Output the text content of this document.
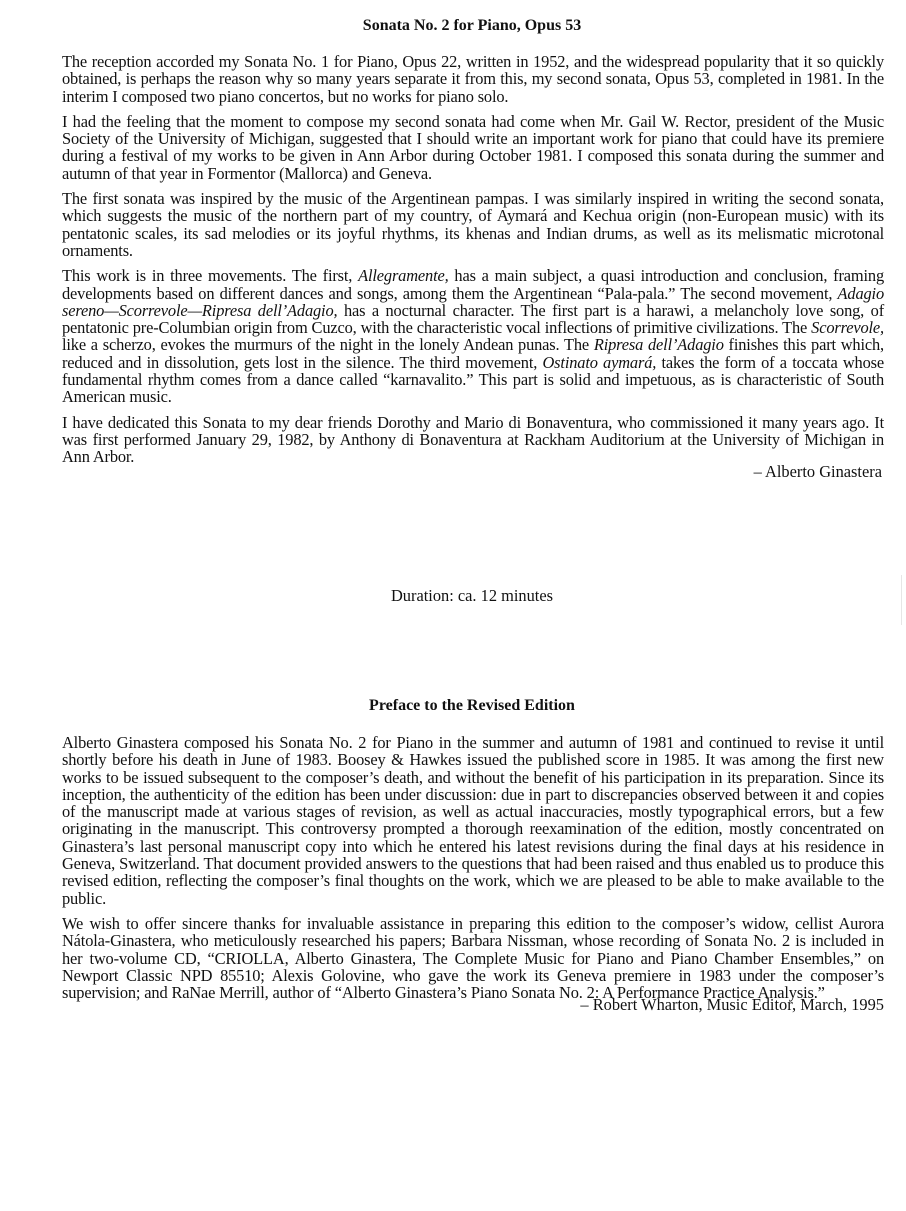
Sonata No. 2 for Piano, Opus 53

The reception accorded my Sonata No. 1 for Piano, Opus 22, written in 1952, and the widespread popularity that it so quickly obtained, is perhaps the reason why so many years separate it from this, my second sonata, Opus 53, completed in 1981. In the interim I composed two piano concertos, but no works for piano solo.

I had the feeling that the moment to compose my second sonata had come when Mr. Gail W. Rector, president of the Music Society of the University of Michigan, suggested that I should write an important work for piano that could have its premiere during a festival of my works to be given in Ann Arbor during October 1981. I composed this sonata during the summer and autumn of that year in Formentor (Mallorca) and Geneva.

The first sonata was inspired by the music of the Argentinean pampas. I was similarly inspired in writing the second sonata, which suggests the music of the northern part of my country, of Aymará and Kechua origin (non-European music) with its pentatonic scales, its sad melodies or its joyful rhythms, its khenas and Indian drums, as well as its melismatic microtonal ornaments.

This work is in three movements. The first, Allegramente, has a main subject, a quasi introduction and conclusion, framing developments based on different dances and songs, among them the Argentinean “Pala-pala.” The second movement, Adagio sereno—Scorrevole—Ripresa dell’Adagio, has a nocturnal character. The first part is a harawi, a melancholy love song, of pentatonic pre-Columbian origin from Cuzco, with the characteristic vocal inflections of primitive civilizations. The Scorrevole, like a scherzo, evokes the murmurs of the night in the lonely Andean punas. The Ripresa dell’Adagio finishes this part which, reduced and in dissolution, gets lost in the silence. The third movement, Ostinato aymará, takes the form of a toccata whose fundamental rhythm comes from a dance called “karnavalito.” This part is solid and impetuous, as is characteristic of South American music.

I have dedicated this Sonata to my dear friends Dorothy and Mario di Bonaventura, who commissioned it many years ago. It was first performed January 29, 1982, by Anthony di Bonaventura at Rackham Auditorium at the University of Michigan in Ann Arbor.

– Alberto Ginastera

Duration: ca. 12 minutes
Preface to the Revised Edition

Alberto Ginastera composed his Sonata No. 2 for Piano in the summer and autumn of 1981 and continued to revise it until shortly before his death in June of 1983. Boosey & Hawkes issued the published score in 1985. It was among the first new works to be issued subsequent to the composer’s death, and without the benefit of his participation in its preparation. Since its inception, the authenticity of the edition has been under discussion: due in part to discrepancies observed between it and copies of the manuscript made at various stages of revision, as well as actual inaccuracies, mostly typographical errors, but a few originating in the manuscript. This controversy prompted a thorough reexamination of the edition, mostly concentrated on Ginastera’s last personal manuscript copy into which he entered his latest revisions during the final days at his residence in Geneva, Switzerland. That document provided answers to the questions that had been raised and thus enabled us to produce this revised edition, reflecting the composer’s final thoughts on the work, which we are pleased to be able to make available to the public.

We wish to offer sincere thanks for invaluable assistance in preparing this edition to the composer’s widow, cellist Aurora Nátola-Ginastera, who meticulously researched his papers; Barbara Nissman, whose recording of Sonata No. 2 is included in her two-volume CD, “CRIOLLA, Alberto Ginastera, The Complete Music for Piano and Piano Chamber Ensembles,” on Newport Classic NPD 85510; Alexis Golovine, who gave the work its Geneva premiere in 1983 under the composer’s supervision; and RaNae Merrill, author of “Alberto Ginastera’s Piano Sonata No. 2: A Performance Practice Analysis.”

– Robert Wharton, Music Editor, March, 1995
